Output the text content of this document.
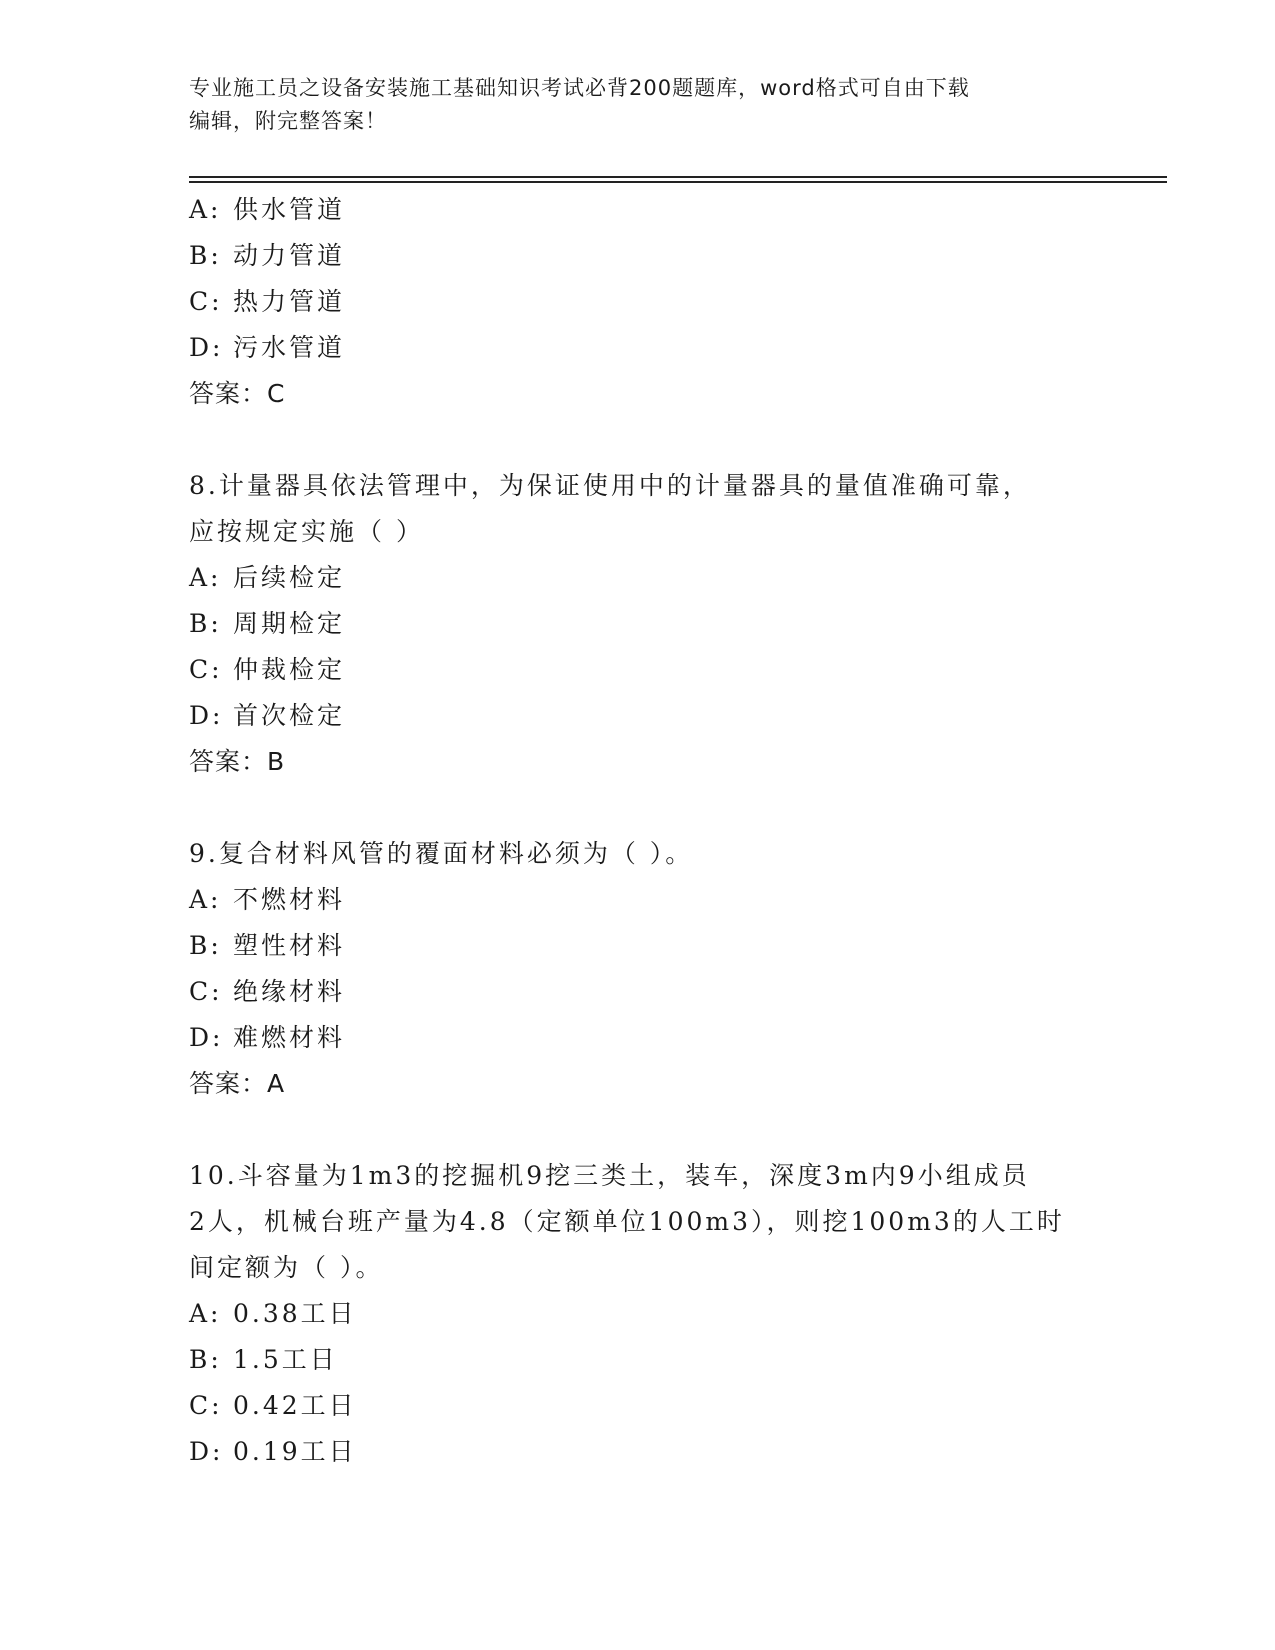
专业施工员之设备安装施工基础知识考试必背200题题库，word格式可自由下载
编辑，附完整答案！
A: 供水管道
B: 动力管道
C: 热力管道
D: 污水管道
答案：C
8.计量器具依法管理中，为保证使用中的计量器具的量值准确可靠，
应按规定实施（ ）
A: 后续检定
B: 周期检定
C: 仲裁检定
D: 首次检定
答案：B
9.复合材料风管的覆面材料必须为（ ）。
A: 不燃材料
B: 塑性材料
C: 绝缘材料
D: 难燃材料
答案：A
10.斗容量为1m3的挖掘机9挖三类土，装车，深度3m内9小组成员
2人，机械台班产量为4.8（定额单位100m3），则挖100m3的人工时
间定额为（ ）。
A: 0.38工日
B: 1.5工日
C: 0.42工日
D: 0.19工日
